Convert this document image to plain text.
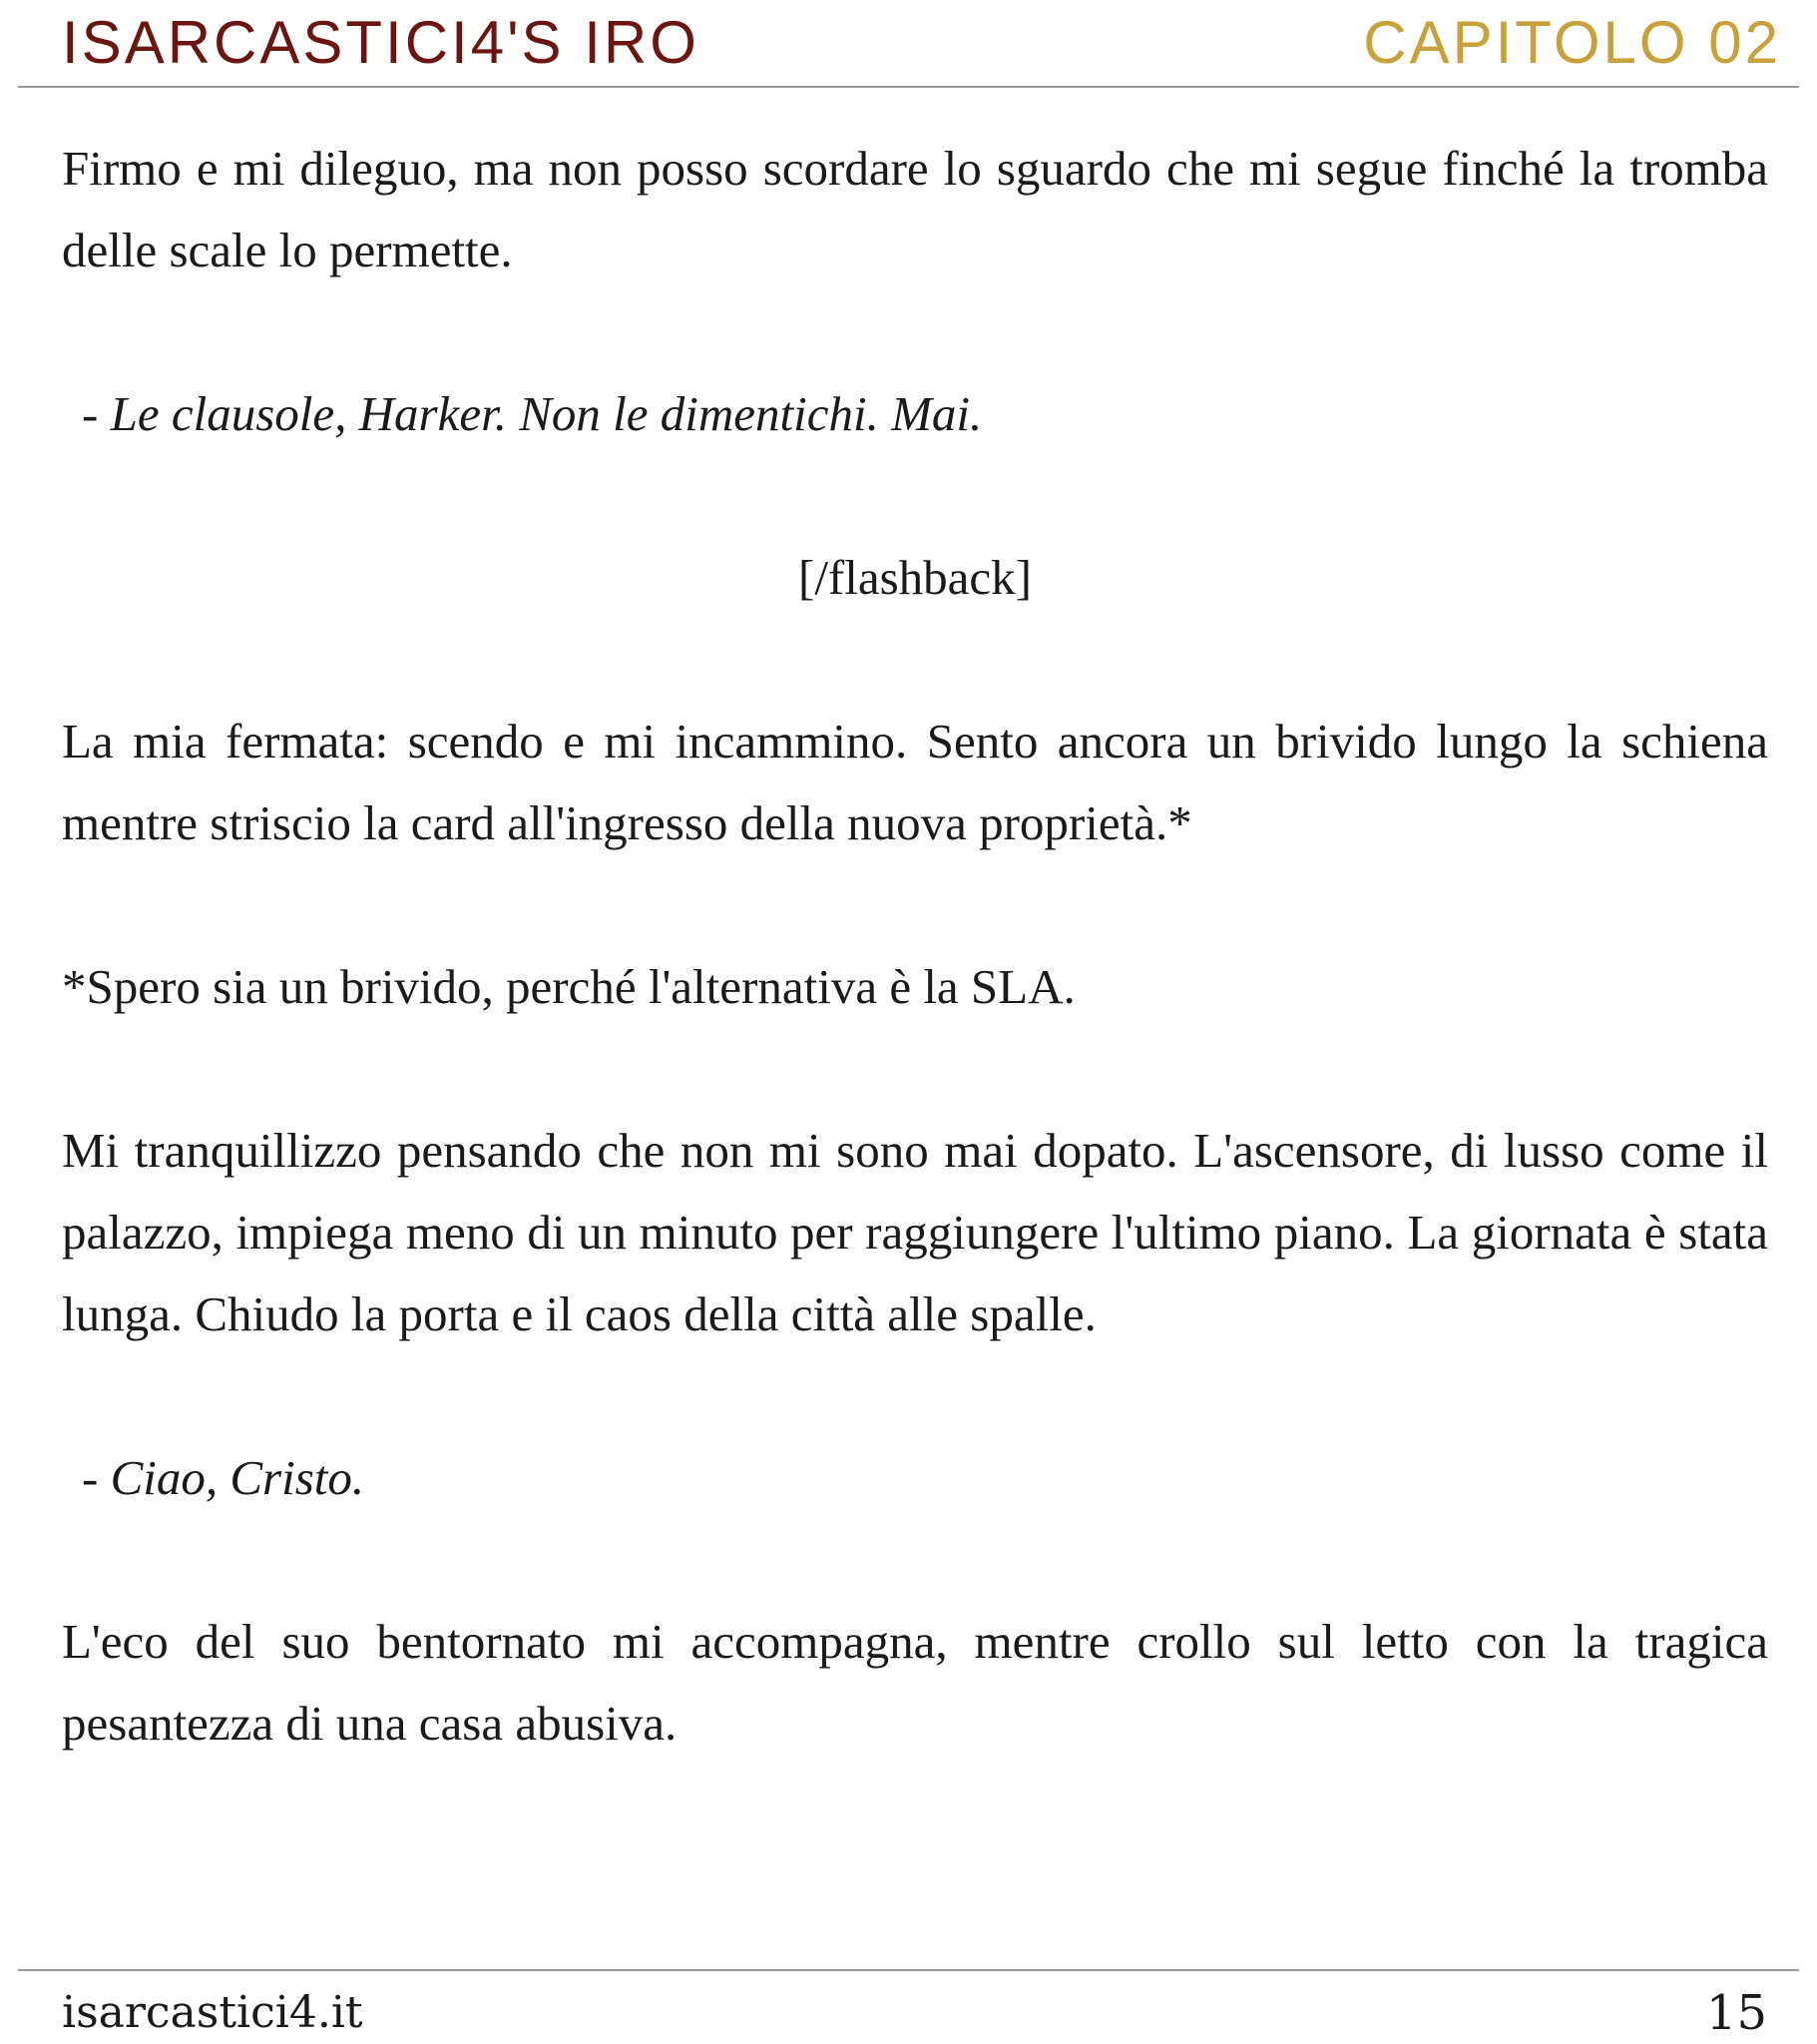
ISARCASTICI4'S IRO	CAPITOLO 02

Firmo e mi dileguo, ma non posso scordare lo sguardo che mi segue finché la tromba delle scale lo permette.

- Le clausole, Harker. Non le dimentichi. Mai.

[/flashback]

La mia fermata: scendo e mi incammino. Sento ancora un brivido lungo la schiena mentre striscio la card all'ingresso della nuova proprietà.*

*Spero sia un brivido, perché l'alternativa è la SLA.

Mi tranquillizzo pensando che non mi sono mai dopato. L'ascensore, di lusso come il palazzo, impiega meno di un minuto per raggiungere l'ultimo piano. La giornata è stata lunga. Chiudo la porta e il caos della città alle spalle.

- Ciao, Cristo.

L'eco del suo bentornato mi accompagna, mentre crollo sul letto con la tragica pesantezza di una casa abusiva.

isarcastici4.it	15
